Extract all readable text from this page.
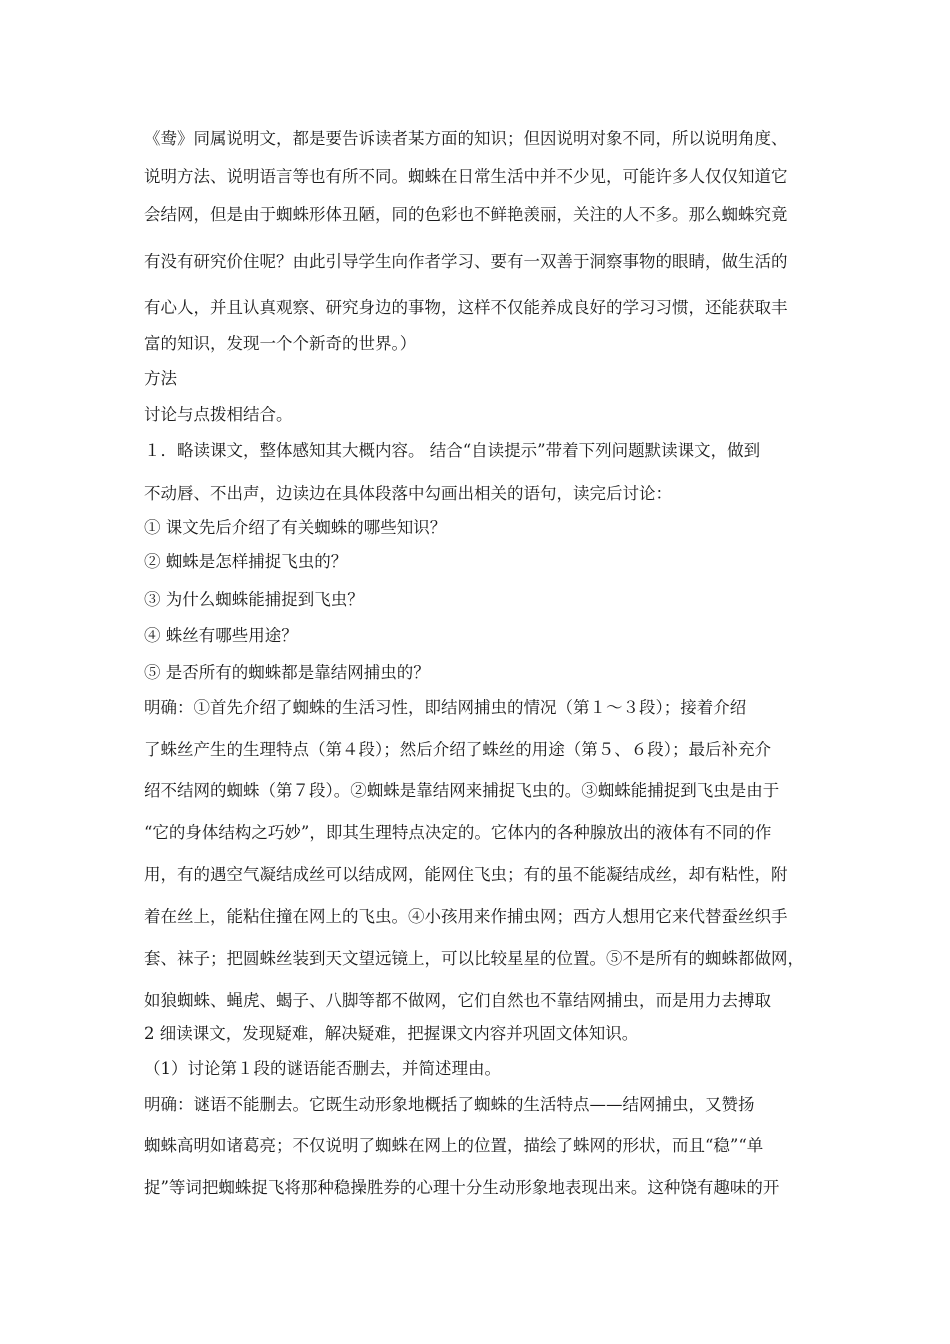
《鸯》同属说明文，都是要告诉读者某方面的知识；但因说明对象不同，所以说明角度、
说明方法、说明语言等也有所不同。蜘蛛在日常生活中并不少见，可能许多人仅仅知道它
会结网，但是由于蜘蛛形体丑陋，同的色彩也不鲜艳羡丽，关注的人不多。那么蜘蛛究竟
有没有研究价住呢？由此引导学生向作者学习、要有一双善于洞察事物的眼睛，做生活的
有心人，并且认真观察、研究身边的事物，这样不仅能养成良好的学习习惯，还能获取丰
富的知识，发现一个个新奇的世界。）
方法
讨论与点拨相结合。
１．略读课文，整体感知其大概内容。 结合“自读提示”带着下列问题默读课文，做到
不动唇、不出声，边读边在具体段落中勾画出相关的语句，读完后讨论：
① 课文先后介绍了有关蜘蛛的哪些知识？
② 蜘蛛是怎样捕捉飞虫的？
③ 为什么蜘蛛能捕捉到飞虫？
④ 蛛丝有哪些用途？
⑤ 是否所有的蜘蛛都是靠结网捕虫的？
明确：①首先介绍了蜘蛛的生活习性，即结网捕虫的情况（第１～３段）；接着介绍
了蛛丝产生的生理特点（第４段）；然后介绍了蛛丝的用途（第５、６段）；最后补充介
绍不结网的蜘蛛（第７段）。②蜘蛛是靠结网来捕捉飞虫的。③蜘蛛能捕捉到飞虫是由于
“它的身体结构之巧妙”，即其生理特点决定的。它体内的各种腺放出的液体有不同的作
用，有的遇空气凝结成丝可以结成网，能网住飞虫；有的虽不能凝结成丝，却有粘性，附
着在丝上，能粘住撞在网上的飞虫。④小孩用来作捕虫网；西方人想用它来代替蚕丝织手
套、袜子；把圆蛛丝装到天文望远镜上，可以比较星星的位置。⑤不是所有的蜘蛛都做网，
如狼蜘蛛、蝇虎、蝎子、八脚等都不做网，它们自然也不靠结网捕虫，而是用力去搏取
2 细读课文，发现疑难，解决疑难，把握课文内容并巩固文体知识。
（1）讨论第１段的谜语能否删去，并简述理由。
明确：谜语不能删去。它既生动形象地概括了蜘蛛的生活特点——结网捕虫，又赞扬
蜘蛛高明如诸葛亮；不仅说明了蜘蛛在网上的位置，描绘了蛛网的形状，而且“稳”“单
捉”等词把蜘蛛捉飞将那种稳操胜券的心理十分生动形象地表现出来。这种饶有趣味的开
